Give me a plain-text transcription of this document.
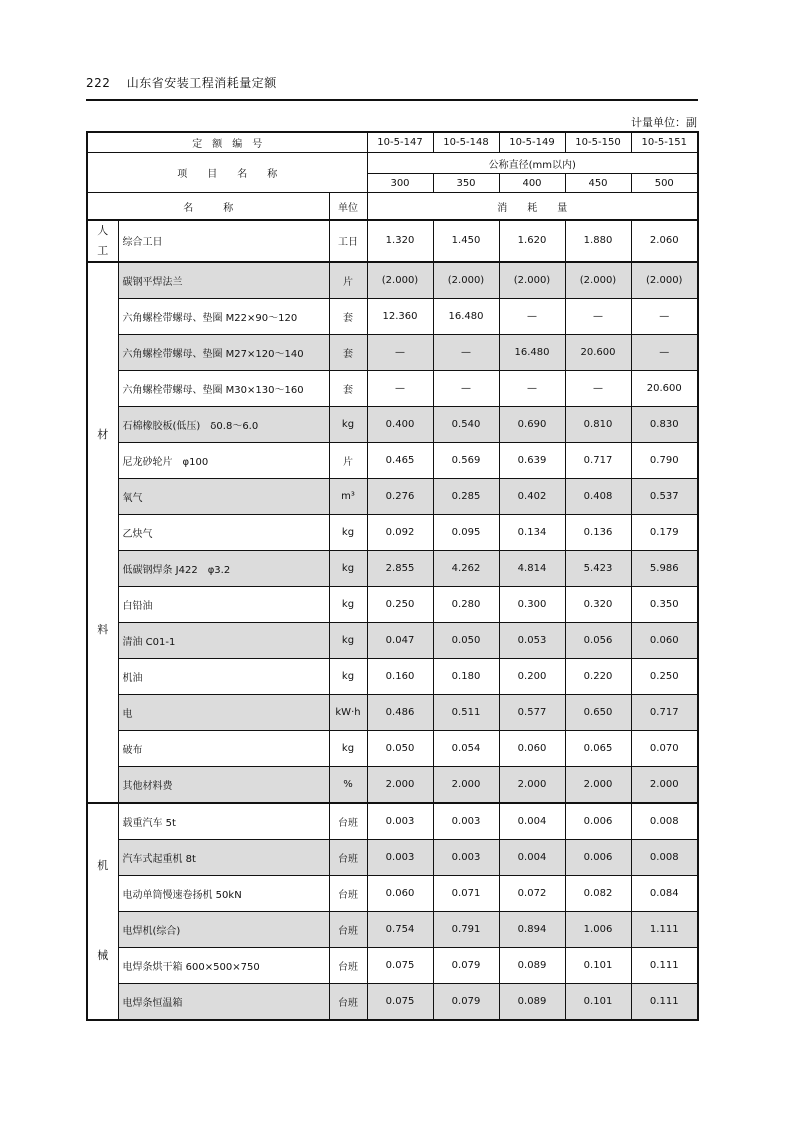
222 山东省安装工程消耗量定额
计量单位：副
定　额　编　号			10-5-147	10-5-148	10-5-149	10-5-150	10-5-151
项　　目　　名　　称			公称直径(mm以内)				
			300	350	400	450	500
名　　　称		单位	消　　耗　　量				

人
工	综合工日	工日	1.320	1.450	1.620	1.880	2.060

材
料	碳钢平焊法兰	片	(2.000)	(2.000)	(2.000)	(2.000)	(2.000)
	六角螺栓带螺母、垫圈 M22×90～120	套	12.360	16.480	—	—	—
	六角螺栓带螺母、垫圈 M27×120～140	套	—	—	16.480	20.600	—
	六角螺栓带螺母、垫圈 M30×130～160	套	—	—	—	—	20.600
	石棉橡胶板(低压)　δ0.8～6.0	kg	0.400	0.540	0.690	0.810	0.830
	尼龙砂轮片　φ100	片	0.465	0.569	0.639	0.717	0.790
	氧气	m³	0.276	0.285	0.402	0.408	0.537
	乙炔气	kg	0.092	0.095	0.134	0.136	0.179
	低碳钢焊条 J422　φ3.2	kg	2.855	4.262	4.814	5.423	5.986
	白铅油	kg	0.250	0.280	0.300	0.320	0.350
	清油 C01-1	kg	0.047	0.050	0.053	0.056	0.060
	机油	kg	0.160	0.180	0.200	0.220	0.250
	电	kW·h	0.486	0.511	0.577	0.650	0.717
	破布	kg	0.050	0.054	0.060	0.065	0.070
	其他材料费	%	2.000	2.000	2.000	2.000	2.000

机
械	载重汽车 5t	台班	0.003	0.003	0.004	0.006	0.008
	汽车式起重机 8t	台班	0.003	0.003	0.004	0.006	0.008
	电动单筒慢速卷扬机 50kN	台班	0.060	0.071	0.072	0.082	0.084
	电焊机(综合)	台班	0.754	0.791	0.894	1.006	1.111
	电焊条烘干箱 600×500×750	台班	0.075	0.079	0.089	0.101	0.111
	电焊条恒温箱	台班	0.075	0.079	0.089	0.101	0.111
